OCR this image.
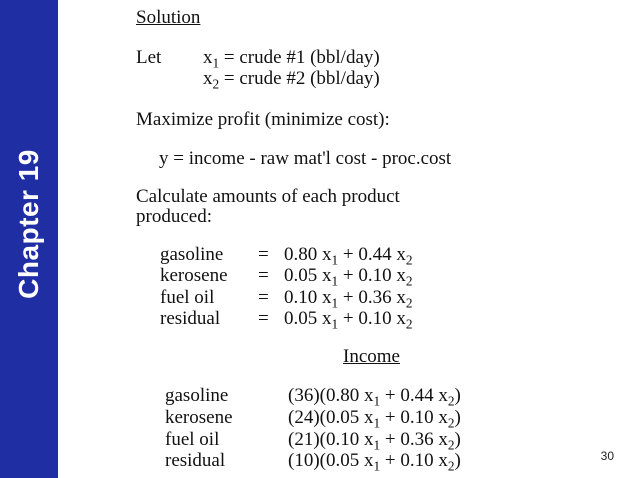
Chapter 19
Solution
Let $x_1$ = crude #1 (bbl/day)
$x_2$ = crude #2 (bbl/day)
Maximize profit (minimize cost):
y = income - raw mat'l cost - proc.cost
Calculate amounts of each product
produced:
gasoline = 0.80 $x_1 + 0.44$ $x_2$
kerosene = 0.05 $x_1 + 0.10$ $x_2$
fuel oil = 0.10 $x_1 + 0.36$ $x_2$
residual = 0.05 $x_1 + 0.10$ $x_2$
Income
gasoline	(36)(0.80 $x_1 + 0.44$ $x_2$)
kerosene	(24)(0.05 $x_1 + 0.10$ $x_2$)
fuel oil	(21)(0.10 $x_1 + 0.36$ $x_2$)
residual	(10)(0.05 $x_1 + 0.10$ $x_2$)	30
